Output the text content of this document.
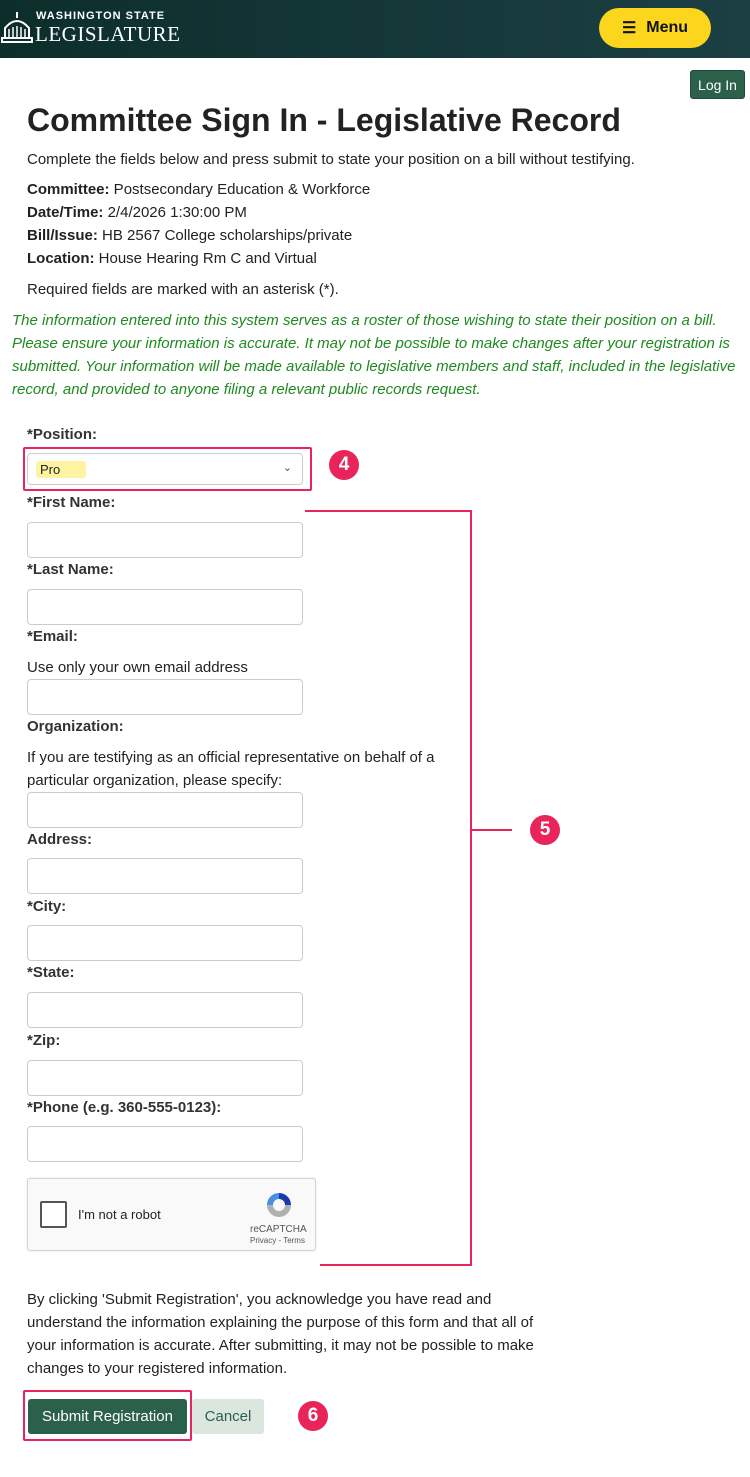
WASHINGTON STATE
LEGISLATURE	☰ Menu
Log In
Committee Sign In - Legislative Record
Complete the fields below and press submit to state your position on a bill without testifying.
Committee: Postsecondary Education & Workforce
Date/Time: 2/4/2026 1:30:00 PM
Bill/Issue: HB 2567 College scholarships/private
Location: House Hearing Rm C and Virtual
Required fields are marked with an asterisk (*).
The information entered into this system serves as a roster of those wishing to state their position on a bill. Please ensure your information is accurate. It may not be possible to make changes after your registration is submitted. Your information will be made available to legislative members and staff, included in the legislative record, and provided to anyone filing a relevant public records request.
*Position:
Pro	⌄	4
*First Name:
*Last Name:
*Email:
Use only your own email address
Organization:
If you are testifying as an official representative on behalf of a particular organization, please specify:
Address:
*City:
*State:
*Zip:
*Phone (e.g. 360-555-0123):
I'm not a robot
reCAPTCHA
Privacy - Terms
5
By clicking 'Submit Registration', you acknowledge you have read and understand the information explaining the purpose of this form and that all of your information is accurate. After submitting, it may not be possible to make changes to your registered information.
Submit Registration	Cancel	6
